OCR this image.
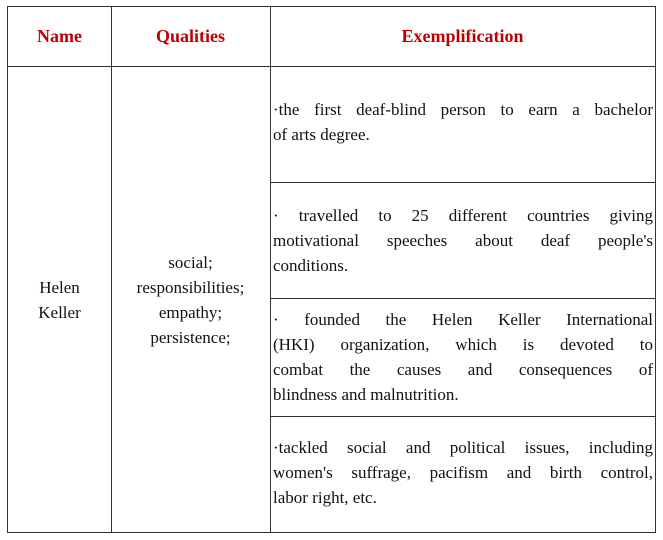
Name	Qualities	Exemplification
Helen
Keller
social;
responsibilities;
empathy;
persistence;
·the first deaf-blind person to earn a bachelor
of arts degree.
· travelled to 25 different countries giving
motivational speeches about deaf people's
conditions.
· founded the Helen Keller International
(HKI) organization, which is devoted to
combat the causes and consequences of
blindness and malnutrition.
·tackled social and political issues, including
women's suffrage, pacifism and birth control,
labor right, etc.
